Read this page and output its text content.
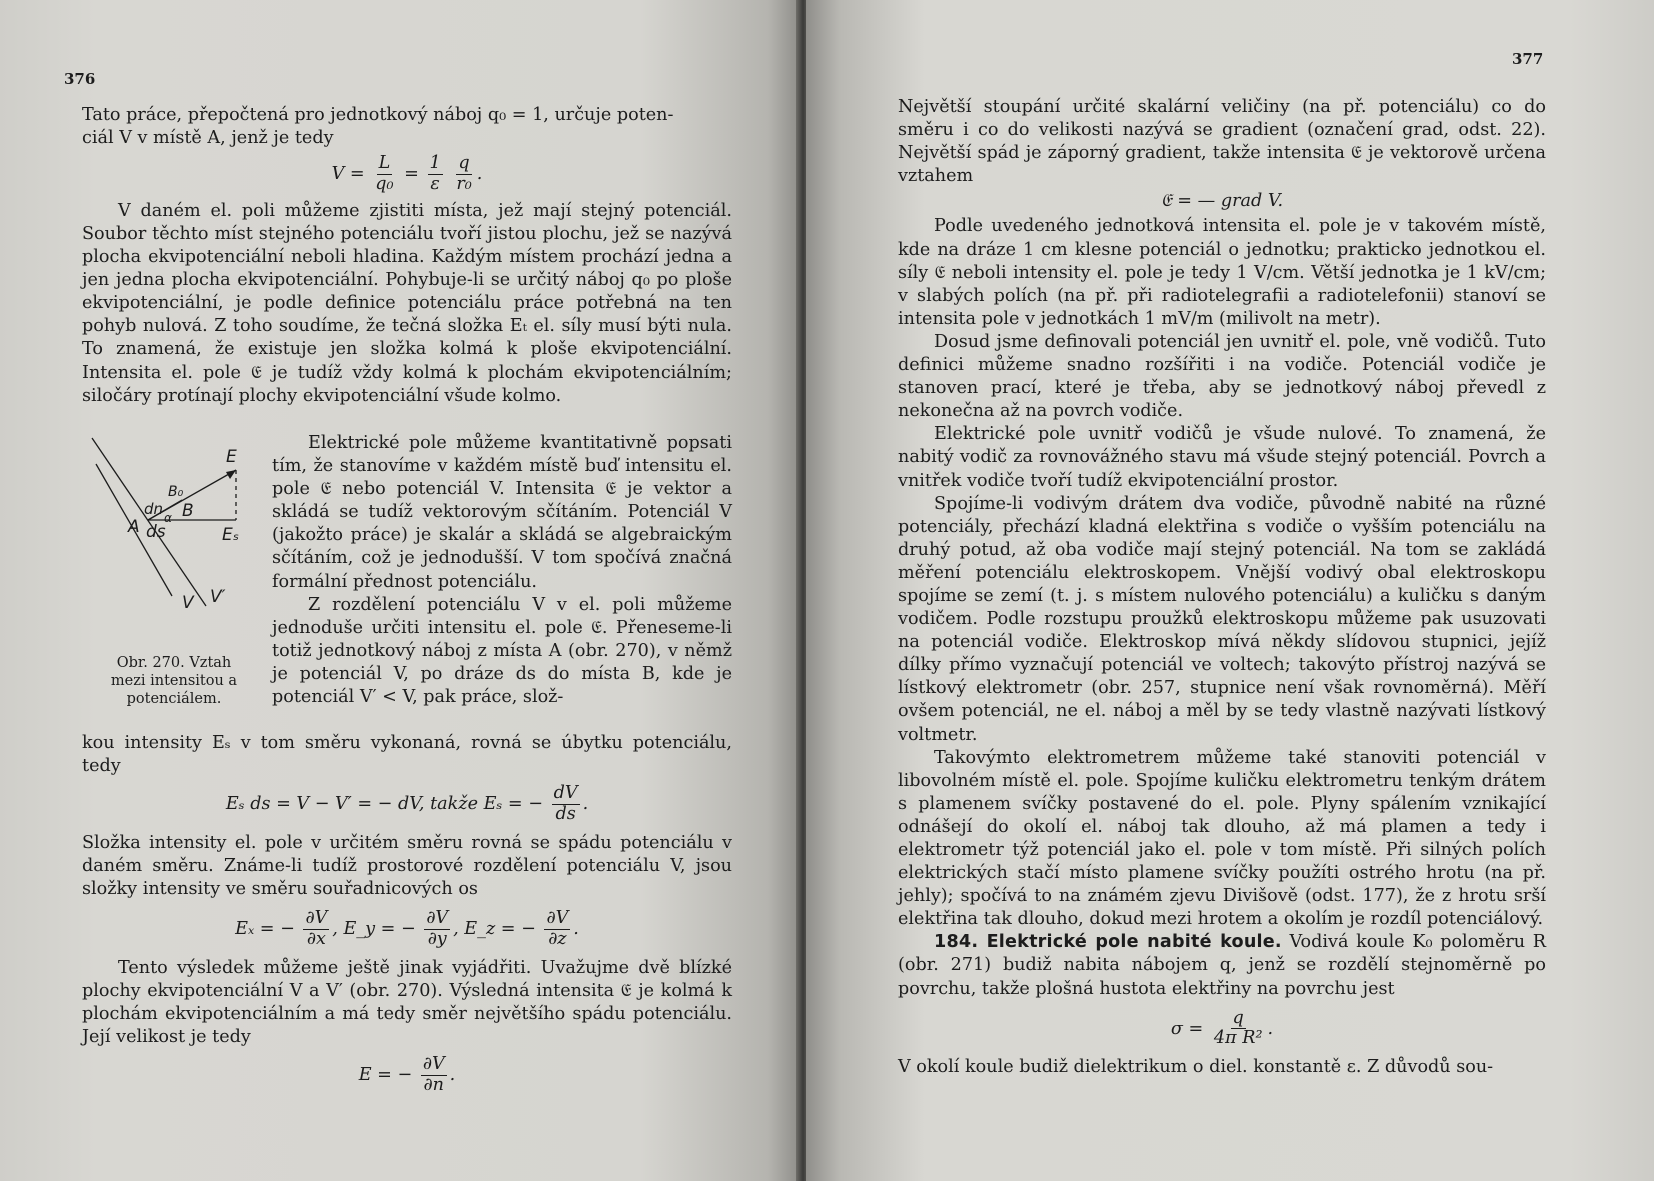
376

Tato práce, přepočtená pro jednotkový náboj q₀ = 1, určuje poten-

ciál V v místě A, jenž je tedy

$V = \frac{L}{\text{q₀}} = \frac{1}{\varepsilon}$
$\frac{q}{\text{r₀}}$ .

V daném el. poli můžeme zjistiti místa, jež mají stejný potenciál. Soubor těchto míst stejného potenciálu tvoří jistou plochu, jež se nazývá plocha ekvipotenciální neboli hladina. Každým místem prochází jedna a jen jedna plocha ekvipotenciální. Pohybuje-li se určitý náboj q₀ po ploše ekvipotenciální, je podle definice potenciálu práce potřebná na ten pohyb nulová. Z toho soudíme, že tečná složka Eₜ el. síly musí býti nula. To znamená, že existuje jen složka kolmá k ploše ekvipotenciální. Intensita el. pole 𝔈 je tudíž vždy kolmá k plochám ekvipotenciálním; siločáry protínají plochy ekvipotenciální všude kolmo.

E
Eₛ
B₀
B
A
dn
ds
α
V V′
Obr. 270. Vztah mezi intensitou a potenciálem.

Elektrické pole můžeme kvantitativně popsati tím, že stanovíme v každém místě buď intensitu el. pole 𝔈 nebo potenciál V. Intensita 𝔈 je vektor a skládá se tudíž vektorovým sčítáním. Potenciál V (jakožto práce) je skalár a skládá se algebraickým sčítáním, což je jednodušší. V tom spočívá značná formální přednost potenciálu.

Z rozdělení potenciálu V v el. poli můžeme jednoduše určiti intensitu el. pole 𝔈. Přeneseme-li totiž jednotkový náboj z místa A (obr. 270), v němž je potenciál V, po dráze ds do místa B, kde je potenciál V′ < V, pak práce, slož-

kou intensity Eₛ v tom směru vykonaná, rovná se úbytku potenciálu, tedy

Eₛ ds = V − V′ = − dV, takže Eₛ = − $\frac{dV}{ds}$ .

Složka intensity el. pole v určitém směru rovná se spádu potenciálu v daném směru. Známe-li tudíž prostorové rozdělení potenciálu V, jsou složky intensity ve směru souřadnicových os

Eₓ = − $\frac{\partial V}{\partial x}$ , E_y = − $\frac{\partial V}{\partial y}$ , E_z = − $\frac{\partial V}{\partial z}$ .

Tento výsledek můžeme ještě jinak vyjádřiti. Uvažujme dvě blízké plochy ekvipotenciální V a V′ (obr. 270). Výsledná intensita 𝔈 je kolmá k plochám ekvipotenciálním a má tedy směr největšího spádu potenciálu. Její velikost je tedy

E = − $\frac{\partial V}{\partial n}$ .

377

Největší stoupání určité skalární veličiny (na př. potenciálu) co do směru i co do velikosti nazývá se gradient (označení grad, odst. 22). Největší spád je záporný gradient, takže intensita 𝔈 je vektorově určena vztahem

𝔈 = — grad V.

Podle uvedeného jednotková intensita el. pole je v takovém místě, kde na dráze 1 cm klesne potenciál o jednotku; prakticko jednotkou el. síly 𝔈 neboli intensity el. pole je tedy 1 V/cm. Větší jednotka je 1 kV/cm; v slabých polích (na př. při radiotelegrafii a radiotelefonii) stanoví se intensita pole v jednotkách 1 mV/m (milivolt na metr).

Dosud jsme definovali potenciál jen uvnitř el. pole, vně vodičů. Tuto definici můžeme snadno rozšířiti i na vodiče. Potenciál vodiče je stanoven prací, které je třeba, aby se jednotkový náboj převedl z nekonečna až na povrch vodiče.

Elektrické pole uvnitř vodičů je všude nulové. To znamená, že nabitý vodič za rovnovážného stavu má všude stejný potenciál. Povrch a vnitřek vodiče tvoří tudíž ekvipotenciální prostor.

Spojíme-li vodivým drátem dva vodiče, původně nabité na různé potenciály, přechází kladná elektřina s vodiče o vyšším potenciálu na druhý potud, až oba vodiče mají stejný potenciál. Na tom se zakládá měření potenciálu elektroskopem. Vnější vodivý obal elektroskopu spojíme se zemí (t. j. s místem nulového potenciálu) a kuličku s daným vodičem. Podle rozstupu proužků elektroskopu můžeme pak usuzovati na potenciál vodiče. Elektroskop mívá někdy slídovou stupnici, jejíž dílky přímo vyznačují potenciál ve voltech; takovýto přístroj nazývá se lístkový elektrometr (obr. 257, stupnice není však rovnoměrná). Měří ovšem potenciál, ne el. náboj a měl by se tedy vlastně nazývati lístkový voltmetr.

Takovýmto elektrometrem můžeme také stanoviti potenciál v libovolném místě el. pole. Spojíme kuličku elektrometru tenkým drátem s plamenem svíčky postavené do el. pole. Plyny spálením vznikající odnášejí do okolí el. náboj tak dlouho, až má plamen a tedy i elektrometr týž potenciál jako el. pole v tom místě. Při silných polích elektrických stačí místo plamene svíčky použíti ostrého hrotu (na př. jehly); spočívá to na známém zjevu Divišově (odst. 177), že z hrotu srší elektřina tak dlouho, dokud mezi hrotem a okolím je rozdíl potenciálový.

184. Elektrické pole nabité koule. Vodivá koule K₀ poloměru R (obr. 271) budiž nabita nábojem q, jenž se rozdělí stejnoměrně po povrchu, takže plošná hustota elektřiny na povrchu jest

$\sigma = \frac{q}{\text{4π R²}}$ .

V okolí koule budiž dielektrikum o diel. konstantě ε. Z důvodů sou-
